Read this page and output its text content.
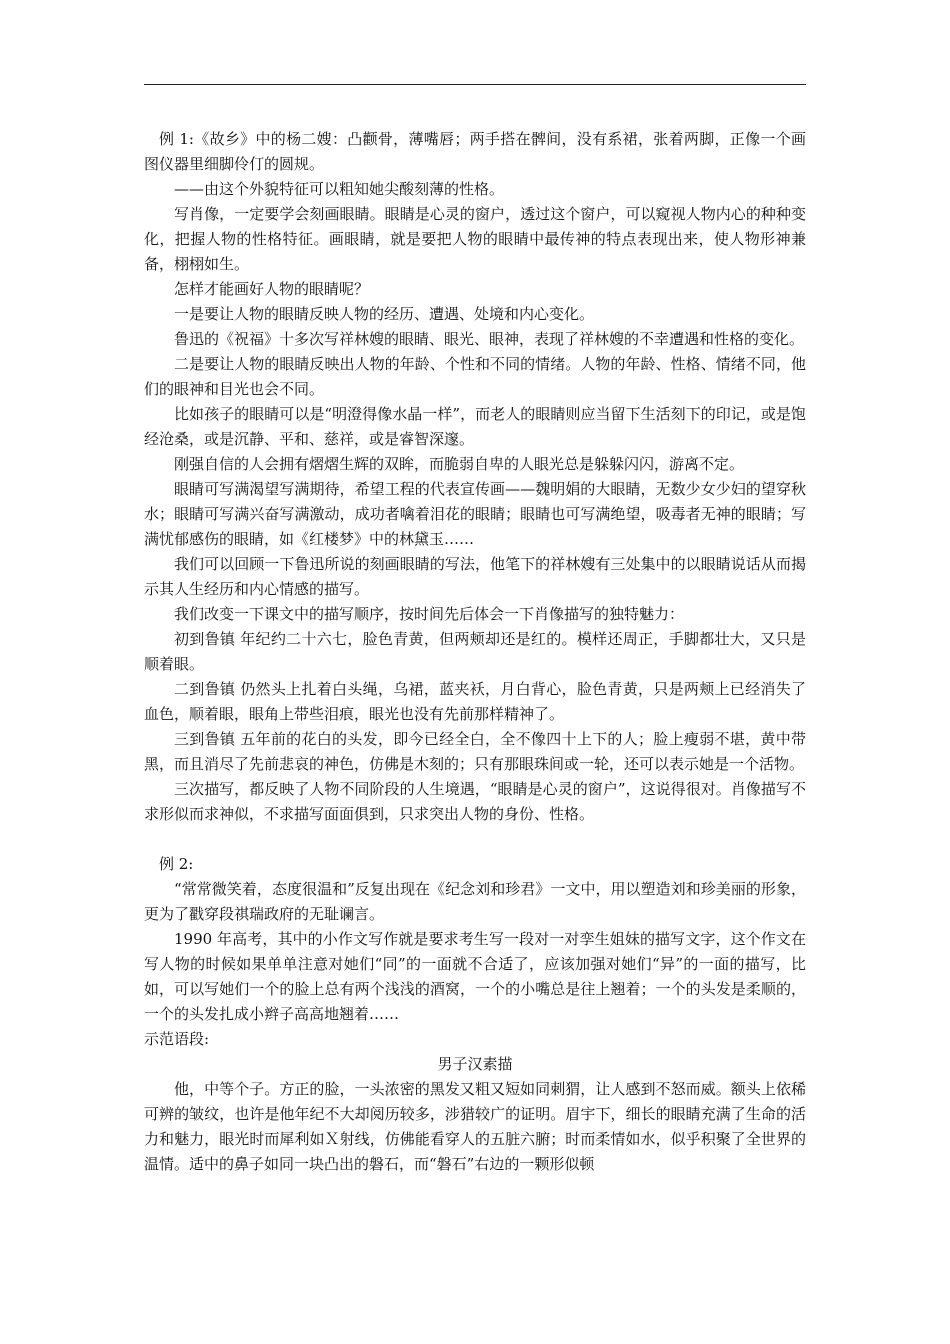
例 1:《故乡》中的杨二嫂：凸颧骨，薄嘴唇；两手搭在髀间，没有系裙，张着两脚，正像一个画图仪器里细脚伶仃的圆规。

——由这个外貌特征可以粗知她尖酸刻薄的性格。

写肖像，一定要学会刻画眼睛。眼睛是心灵的窗户，透过这个窗户，可以窥视人物内心的种种变化，把握人物的性格特征。画眼睛，就是要把人物的眼睛中最传神的特点表现出来，使人物形神兼备，栩栩如生。

怎样才能画好人物的眼睛呢？

一是要让人物的眼睛反映人物的经历、遭遇、处境和内心变化。

鲁迅的《祝福》十多次写祥林嫂的眼睛、眼光、眼神，表现了祥林嫂的不幸遭遇和性格的变化。

二是要让人物的眼睛反映出人物的年龄、个性和不同的情绪。人物的年龄、性格、情绪不同，他们的眼神和目光也会不同。

比如孩子的眼睛可以是“明澄得像水晶一样”，而老人的眼睛则应当留下生活刻下的印记，或是饱经沧桑，或是沉静、平和、慈祥，或是睿智深邃。

刚强自信的人会拥有熠熠生辉的双眸，而脆弱自卑的人眼光总是躲躲闪闪，游离不定。

眼睛可写满渴望写满期待，希望工程的代表宣传画——魏明娟的大眼睛，无数少女少妇的望穿秋水；眼睛可写满兴奋写满激动，成功者噙着泪花的眼睛；眼睛也可写满绝望，吸毒者无神的眼睛；写满忧郁感伤的眼睛，如《红楼梦》中的林黛玉……

我们可以回顾一下鲁迅所说的刻画眼睛的写法，他笔下的祥林嫂有三处集中的以眼睛说话从而揭示其人生经历和内心情感的描写。

我们改变一下课文中的描写顺序，按时间先后体会一下肖像描写的独特魅力：

初到鲁镇 年纪约二十六七，脸色青黄，但两颊却还是红的。模样还周正，手脚都壮大，又只是顺着眼。

二到鲁镇 仍然头上扎着白头绳，乌裙，蓝夹袄，月白背心，脸色青黄，只是两颊上已经消失了血色，顺着眼，眼角上带些泪痕，眼光也没有先前那样精神了。

三到鲁镇 五年前的花白的头发，即今已经全白，全不像四十上下的人；脸上瘦弱不堪，黄中带黑，而且消尽了先前悲哀的神色，仿佛是木刻的；只有那眼珠间或一轮，还可以表示她是一个活物。

三次描写，都反映了人物不同阶段的人生境遇，“眼睛是心灵的窗户”，这说得很对。肖像描写不求形似而求神似，不求描写面面俱到，只求突出人物的身份、性格。

例 2:

“常常微笑着，态度很温和”反复出现在《纪念刘和珍君》一文中，用以塑造刘和珍美丽的形象，更为了戳穿段祺瑞政府的无耻谰言。

1990 年高考，其中的小作文写作就是要求考生写一段对一对孪生姐妹的描写文字，这个作文在写人物的时候如果单单注意对她们“同”的一面就不合适了，应该加强对她们“异”的一面的描写，比如，可以写她们一个的脸上总有两个浅浅的酒窝，一个的小嘴总是往上翘着；一个的头发是柔顺的，一个的头发扎成小辫子高高地翘着……

示范语段:

男子汉素描

他，中等个子。方正的脸，一头浓密的黑发又粗又短如同刺猬，让人感到不怒而威。额头上依稀可辨的皱纹，也许是他年纪不大却阅历较多，涉猎较广的证明。眉宇下，细长的眼睛充满了生命的活力和魅力，眼光时而犀利如Ｘ射线，仿佛能看穿人的五脏六腑；时而柔情如水，似乎积聚了全世界的温情。适中的鼻子如同一块凸出的磐石，而“磐石”右边的一颗形似顿
